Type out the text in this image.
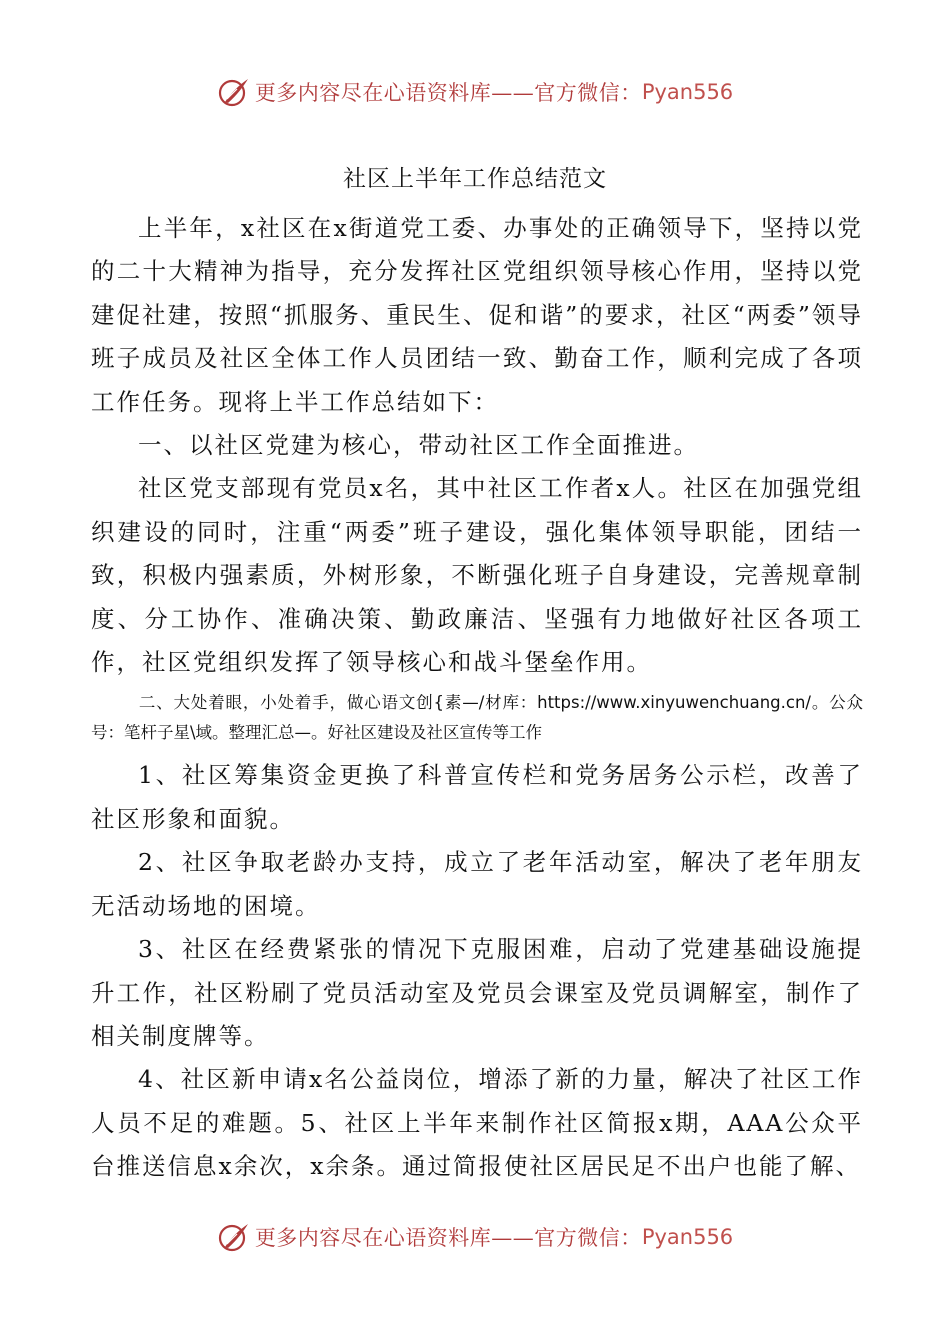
更多内容尽在心语资料库——官方微信： Pyan556
社区上半年工作总结范文

上半年，x社区在x街道党工委、办事处的正确领导下，坚持以党的二十大精神为指导，充分发挥社区党组织领导核心作用，坚持以党建促社建，按照“抓服务、重民生、促和谐”的要求，社区“两委”领导班子成员及社区全体工作人员团结一致、勤奋工作，顺利完成了各项工作任务。现将上半工作总结如下：

一、以社区党建为核心，带动社区工作全面推进。

社区党支部现有党员x名，其中社区工作者x人。社区在加强党组织建设的同时，注重“两委”班子建设，强化集体领导职能，团结一致，积极内强素质，外树形象，不断强化班子自身建设，完善规章制度、分工协作、准确决策、勤政廉洁、坚强有力地做好社区各项工作，社区党组织发挥了领导核心和战斗堡垒作用。

二、大处着眼，小处着手，做心语文创{素—/材库：https://www.xinyuwenchuang.cn/。公众号：笔杆子星\域。整理汇总—。好社区建设及社区宣传等工作

1、社区筹集资金更换了科普宣传栏和党务居务公示栏，改善了社区形象和面貌。

2、社区争取老龄办支持，成立了老年活动室，解决了老年朋友无活动场地的困境。

3、社区在经费紧张的情况下克服困难，启动了党建基础设施提升工作，社区粉刷了党员活动室及党员会课室及党员调解室，制作了相关制度牌等。

4、社区新申请x名公益岗位，增添了新的力量，解决了社区工作人员不足的难题。5、社区上半年来制作社区简报x期，AAA公众平台推送信息x余次，x余条。通过简报使社区居民足不出户也能了解、

更多内容尽在心语资料库——官方微信： Pyan556
